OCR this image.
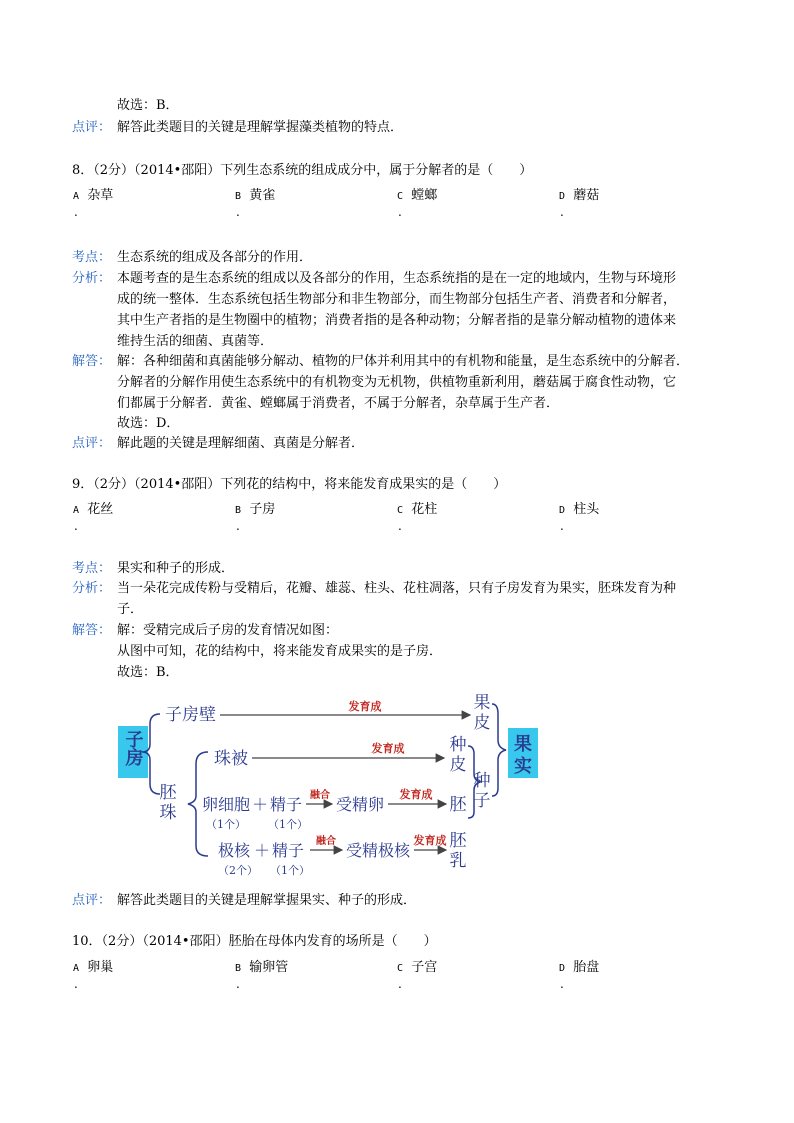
故选：B．
点评： 解答此类题目的关键是理解掌握藻类植物的特点．
8．（2分）（2014•邵阳）下列生态系统的组成成分中，属于分解者的是（　　）
A 杂草	B 黄雀	C 螳螂	D 蘑菇
.	.	.	.
考点： 生态系统的组成及各部分的作用．
分析： 本题考查的是生态系统的组成以及各部分的作用，生态系统指的是在一定的地域内，生物与环境形
成的统一整体．生态系统包括生物部分和非生物部分，而生物部分包括生产者、消费者和分解者，
其中生产者指的是生物圈中的植物；消费者指的是各种动物；分解者指的是靠分解动植物的遗体来
维持生活的细菌、真菌等．
解答： 解：各种细菌和真菌能够分解动、植物的尸体并利用其中的有机物和能量，是生态系统中的分解者．
分解者的分解作用使生态系统中的有机物变为无机物，供植物重新利用，蘑菇属于腐食性动物，它
们都属于分解者．黄雀、螳螂属于消费者，不属于分解者，杂草属于生产者．
故选：D．
点评： 解此题的关键是理解细菌、真菌是分解者．
9．（2分）（2014•邵阳）下列花的结构中，将来能发育成果实的是（　　）
A 花丝	B 子房	C 花柱	D 柱头
.	.	.	.
考点： 果实和种子的形成．
分析： 当一朵花完成传粉与受精后，花瓣、雄蕊、柱头、花柱凋落，只有子房发育为果实，胚珠发育为种
子．
解答： 解：受精完成后子房的发育情况如图：
从图中可知，花的结构中，将来能发育成果实的是子房．
故选：B．
子房	果
实
子房壁	发育成	果
皮
胚
珠
珠被
发育成	种
皮
种
子
卵细胞 ＋ 精子
（1个） （1个）
融合 受精卵
发育成
胚
极核 ＋ 精子
（2个） （1个）
融合 受精极核
发育成 胚
乳
点评： 解答此类题目的关键是理解掌握果实、种子的形成．
10．（2分）（2014•邵阳）胚胎在母体内发育的场所是（　　）
A 卵巢	B 输卵管	C 子宫	D 胎盘
.	.	.	.
